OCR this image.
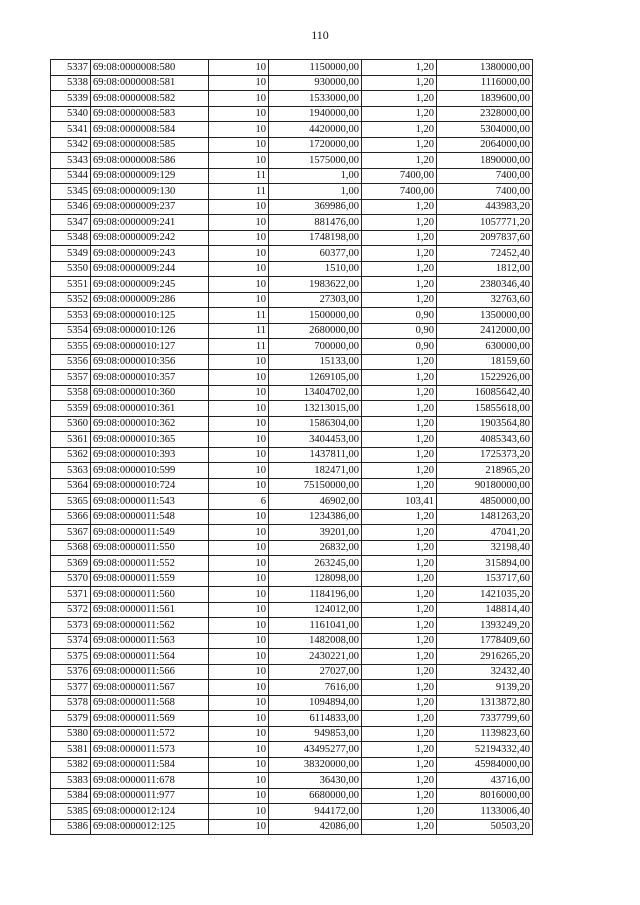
110
5337	69:08:0000008:580	10	1150000,00	1,20	1380000,00
5338	69:08:0000008:581	10	930000,00	1,20	1116000,00
5339	69:08:0000008:582	10	1533000,00	1,20	1839600,00
5340	69:08:0000008:583	10	1940000,00	1,20	2328000,00
5341	69:08:0000008:584	10	4420000,00	1,20	5304000,00
5342	69:08:0000008:585	10	1720000,00	1,20	2064000,00
5343	69:08:0000008:586	10	1575000,00	1,20	1890000,00
5344	69:08:0000009:129	11	1,00	7400,00	7400,00
5345	69:08:0000009:130	11	1,00	7400,00	7400,00
5346	69:08:0000009:237	10	369986,00	1,20	443983,20
5347	69:08:0000009:241	10	881476,00	1,20	1057771,20
5348	69:08:0000009:242	10	1748198,00	1,20	2097837,60
5349	69:08:0000009:243	10	60377,00	1,20	72452,40
5350	69:08:0000009:244	10	1510,00	1,20	1812,00
5351	69:08:0000009:245	10	1983622,00	1,20	2380346,40
5352	69:08:0000009:286	10	27303,00	1,20	32763,60
5353	69:08:0000010:125	11	1500000,00	0,90	1350000,00
5354	69:08:0000010:126	11	2680000,00	0,90	2412000,00
5355	69:08:0000010:127	11	700000,00	0,90	630000,00
5356	69:08:0000010:356	10	15133,00	1,20	18159,60
5357	69:08:0000010:357	10	1269105,00	1,20	1522926,00
5358	69:08:0000010:360	10	13404702,00	1,20	16085642,40
5359	69:08:0000010:361	10	13213015,00	1,20	15855618,00
5360	69:08:0000010:362	10	1586304,00	1,20	1903564,80
5361	69:08:0000010:365	10	3404453,00	1,20	4085343,60
5362	69:08:0000010:393	10	1437811,00	1,20	1725373,20
5363	69:08:0000010:599	10	182471,00	1,20	218965,20
5364	69:08:0000010:724	10	75150000,00	1,20	90180000,00
5365	69:08:0000011:543	6	46902,00	103,41	4850000,00
5366	69:08:0000011:548	10	1234386,00	1,20	1481263,20
5367	69:08:0000011:549	10	39201,00	1,20	47041,20
5368	69:08:0000011:550	10	26832,00	1,20	32198,40
5369	69:08:0000011:552	10	263245,00	1,20	315894,00
5370	69:08:0000011:559	10	128098,00	1,20	153717,60
5371	69:08:0000011:560	10	1184196,00	1,20	1421035,20
5372	69:08:0000011:561	10	124012,00	1,20	148814,40
5373	69:08:0000011:562	10	1161041,00	1,20	1393249,20
5374	69:08:0000011:563	10	1482008,00	1,20	1778409,60
5375	69:08:0000011:564	10	2430221,00	1,20	2916265,20
5376	69:08:0000011:566	10	27027,00	1,20	32432,40
5377	69:08:0000011:567	10	7616,00	1,20	9139,20
5378	69:08:0000011:568	10	1094894,00	1,20	1313872,80
5379	69:08:0000011:569	10	6114833,00	1,20	7337799,60
5380	69:08:0000011:572	10	949853,00	1,20	1139823,60
5381	69:08:0000011:573	10	43495277,00	1,20	52194332,40
5382	69:08:0000011:584	10	38320000,00	1,20	45984000,00
5383	69:08:0000011:678	10	36430,00	1,20	43716,00
5384	69:08:0000011:977	10	6680000,00	1,20	8016000,00
5385	69:08:0000012:124	10	944172,00	1,20	1133006,40
5386	69:08:0000012:125	10	42086,00	1,20	50503,20
